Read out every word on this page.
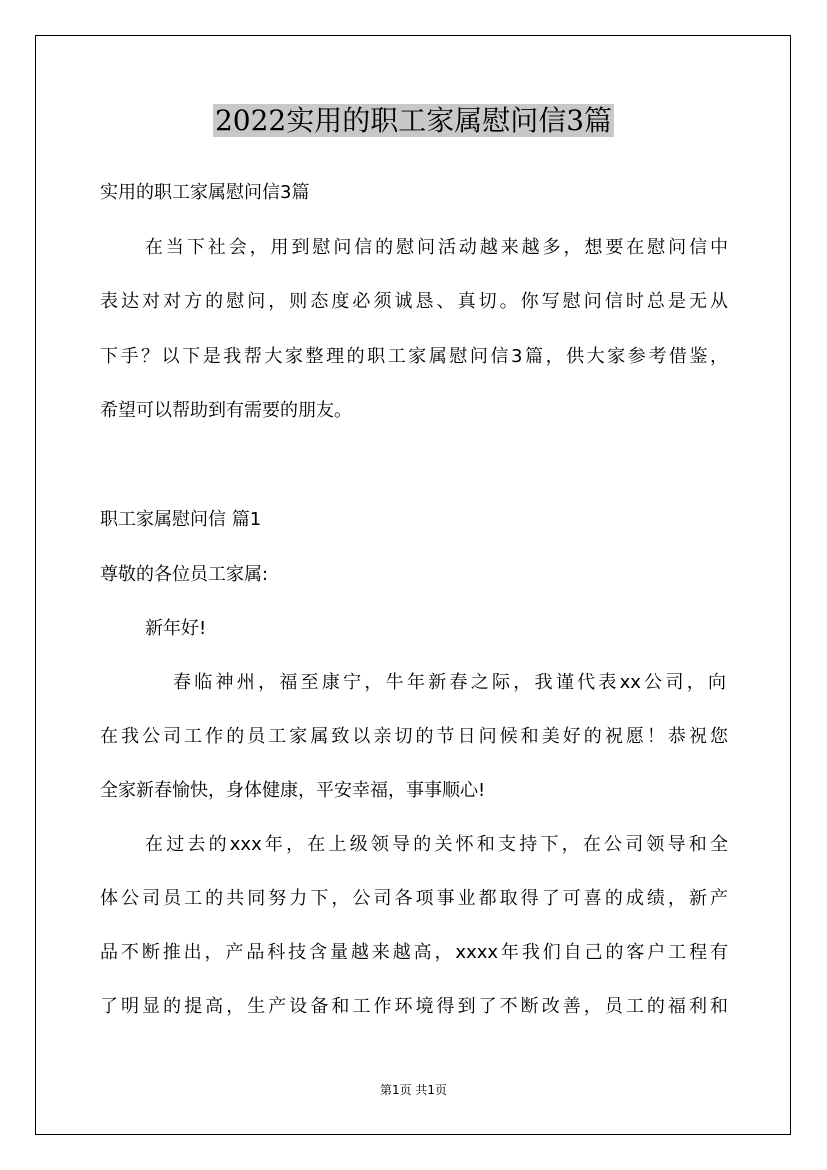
2022实用的职工家属慰问信3篇
实用的职工家属慰问信3篇
在当下社会，用到慰问信的慰问活动越来越多，想要在慰问信中
表达对对方的慰问，则态度必须诚恳、真切。你写慰问信时总是无从
下手？以下是我帮大家整理的职工家属慰问信3篇，供大家参考借鉴，
希望可以帮助到有需要的朋友。
职工家属慰问信 篇1
尊敬的各位员工家属:
新年好!
春临神州，福至康宁，牛年新春之际，我谨代表xx公司，向
在我公司工作的员工家属致以亲切的节日问候和美好的祝愿！恭祝您
全家新春愉快，身体健康，平安幸福，事事顺心!
在过去的xxx年，在上级领导的关怀和支持下，在公司领导和全
体公司员工的共同努力下，公司各项事业都取得了可喜的成绩，新产
品不断推出，产品科技含量越来越高，xxxx年我们自己的客户工程有
了明显的提高，生产设备和工作环境得到了不断改善，员工的福利和
第1页 共1页
